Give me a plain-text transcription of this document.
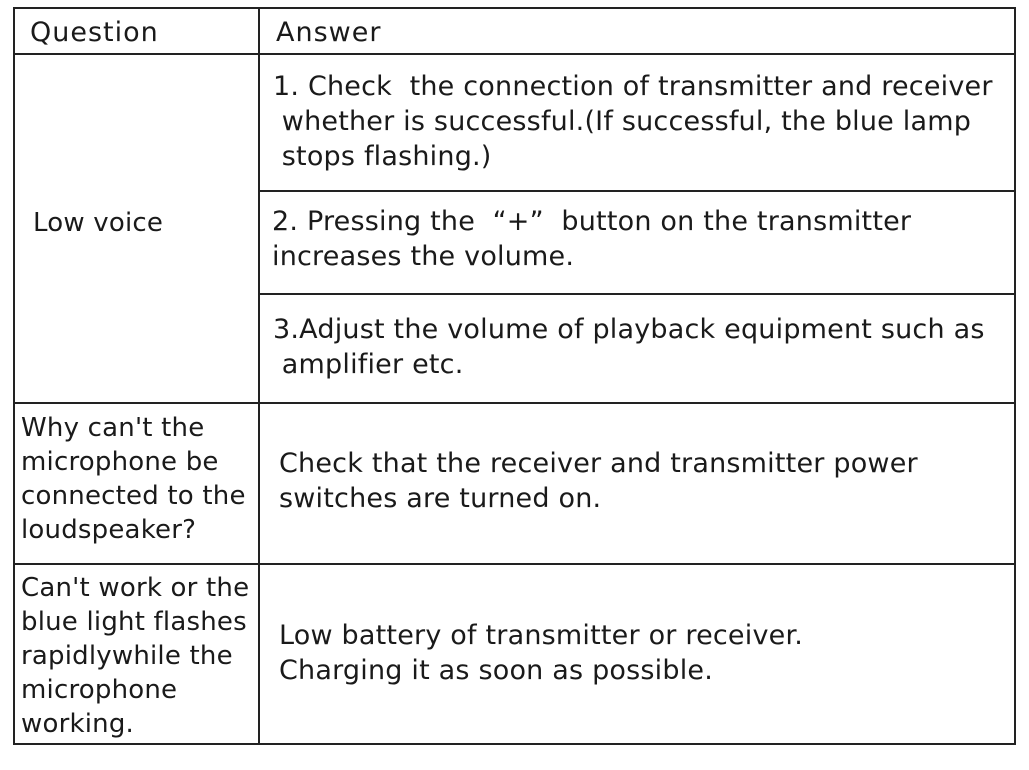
Question	Answer
Low voice
1. Check  the connection of transmitter and receiver
whether is successful.(If successful, the blue lamp
stops flashing.)
2. Pressing the  “+”  button on the transmitter
increases the volume.
3.Adjust the volume of playback equipment such as
amplifier etc.
Why can't the
microphone be
connected to the
loudspeaker?
Check that the receiver and transmitter power
switches are turned on.
Can't work or the
blue light flashes
rapidlywhile the
microphone
working.
Low battery of transmitter or receiver.
Charging it as soon as possible.
